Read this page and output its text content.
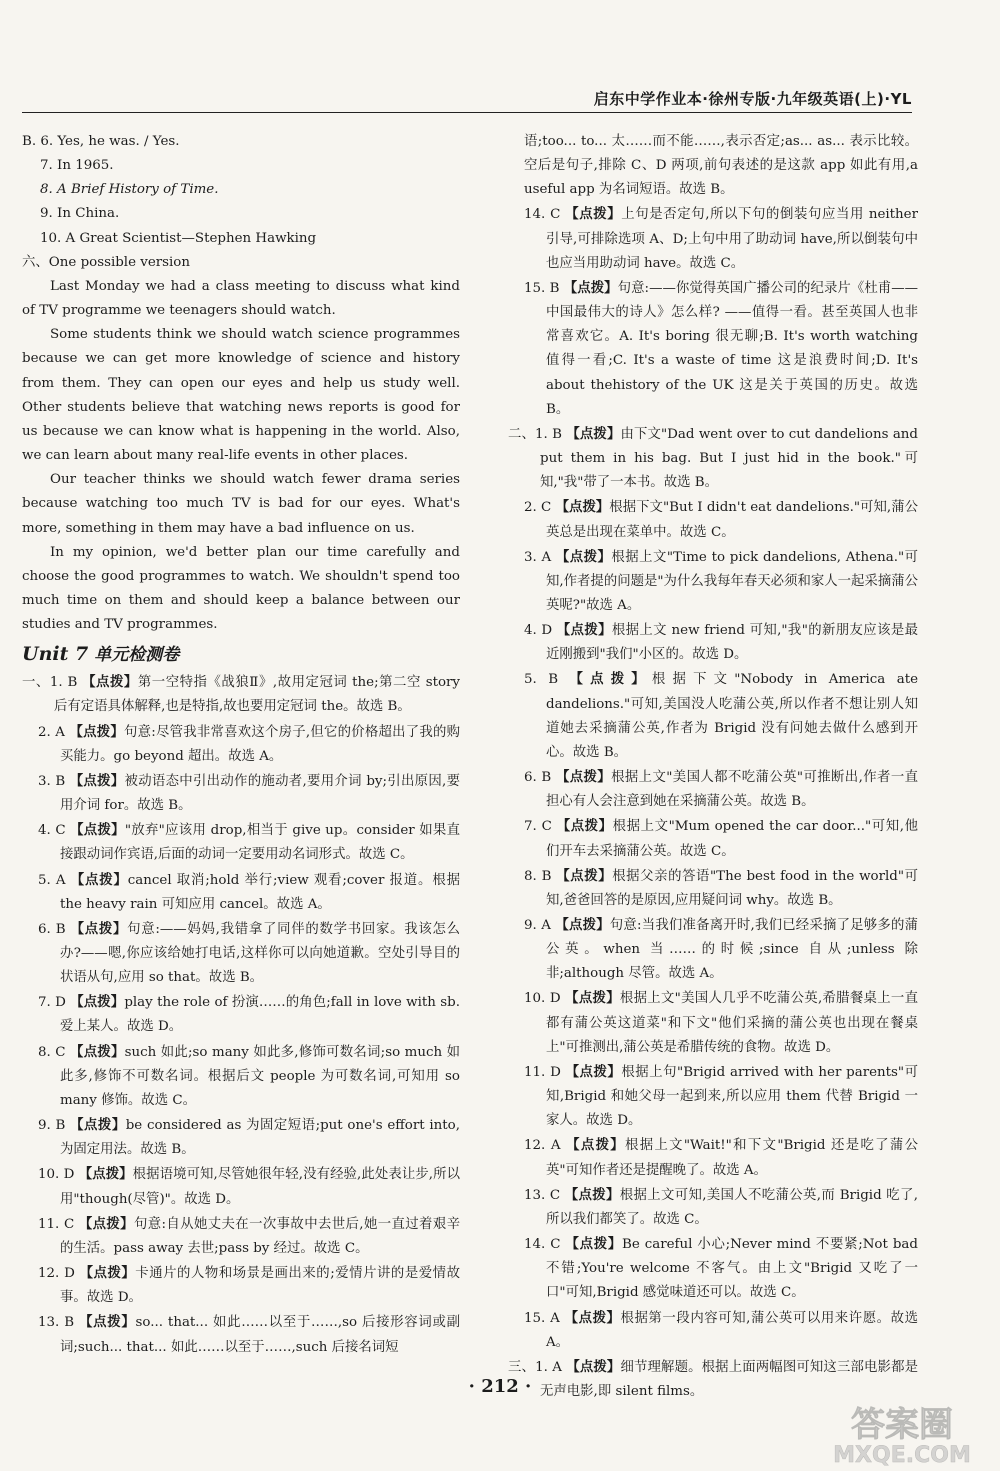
启东中学作业本·徐州专版·九年级英语(上)·YL

B. 6. Yes, he was. / Yes.

7. In 1965.

8. A Brief History of Time.

9. In China.

10. A Great Scientist—Stephen Hawking

六、One possible version

Last Monday we had a class meeting to discuss what kind of TV programme we teenagers should watch.

Some students think we should watch science programmes because we can get more knowledge of science and history from them. They can open our eyes and help us study well. Other students believe that watching news reports is good for us because we can know what is happening in the world. Also, we can learn about many real-life events in other places.

Our teacher thinks we should watch fewer drama series because watching too much TV is bad for our eyes. What's more, something in them may have a bad influence on us.

In my opinion, we'd better plan our time carefully and choose the good programmes to watch. We shouldn't spend too much time on them and should keep a balance between our studies and TV programmes.

Unit 7 单元检测卷

一、1. B 【点拨】第一空特指《战狼Ⅱ》,故用定冠词 the;第二空 story 后有定语具体解释,也是特指,故也要用定冠词 the。故选 B。

2. A 【点拨】句意:尽管我非常喜欢这个房子,但它的价格超出了我的购买能力。go beyond 超出。故选 A。

3. B 【点拨】被动语态中引出动作的施动者,要用介词 by;引出原因,要用介词 for。故选 B。

4. C 【点拨】"放弃"应该用 drop,相当于 give up。consider 如果直接跟动词作宾语,后面的动词一定要用动名词形式。故选 C。

5. A 【点拨】cancel 取消;hold 举行;view 观看;cover 报道。根据 the heavy rain 可知应用 cancel。故选 A。

6. B 【点拨】句意:——妈妈,我错拿了同伴的数学书回家。我该怎么办?——嗯,你应该给她打电话,这样你可以向她道歉。空处引导目的状语从句,应用 so that。故选 B。

7. D 【点拨】play the role of 扮演……的角色;fall in love with sb. 爱上某人。故选 D。

8. C 【点拨】such 如此;so many 如此多,修饰可数名词;so much 如此多,修饰不可数名词。根据后文 people 为可数名词,可知用 so many 修饰。故选 C。

9. B 【点拨】be considered as 为固定短语;put one's effort into,为固定用法。故选 B。

10. D 【点拨】根据语境可知,尽管她很年轻,没有经验,此处表让步,所以用"though(尽管)"。故选 D。

11. C 【点拨】句意:自从她丈夫在一次事故中去世后,她一直过着艰辛的生活。pass away 去世;pass by 经过。故选 C。

12. D 【点拨】卡通片的人物和场景是画出来的;爱情片讲的是爱情故事。故选 D。

13. B 【点拨】so... that... 如此……以至于……,so 后接形容词或副词;such... that... 如此……以至于……,such 后接名词短

语;too... to... 太……而不能……,表示否定;as... as... 表示比较。空后是句子,排除 C、D 两项,前句表述的是这款 app 如此有用,a useful app 为名词短语。故选 B。

14. C 【点拨】上句是否定句,所以下句的倒装句应当用 neither 引导,可排除选项 A、D;上句中用了助动词 have,所以倒装句中也应当用助动词 have。故选 C。

15. B 【点拨】句意:——你觉得英国广播公司的纪录片《杜甫——中国最伟大的诗人》怎么样? ——值得一看。甚至英国人也非常喜欢它。A. It's boring 很无聊;B. It's worth watching 值得一看;C. It's a waste of time 这是浪费时间;D. It's about thehistory of the UK 这是关于英国的历史。故选 B。

二、1. B 【点拨】由下文"Dad went over to cut dandelions and put them in his bag. But I just hid in the book."可知,"我"带了一本书。故选 B。

2. C 【点拨】根据下文"But I didn't eat dandelions."可知,蒲公英总是出现在菜单中。故选 C。

3. A 【点拨】根据上文"Time to pick dandelions, Athena."可知,作者提的问题是"为什么我每年春天必须和家人一起采摘蒲公英呢?"故选 A。

4. D 【点拨】根据上文 new friend 可知,"我"的新朋友应该是最近刚搬到"我们"小区的。故选 D。

5. B 【点拨】根据下文"Nobody in America ate dandelions."可知,美国没人吃蒲公英,所以作者不想让别人知道她去采摘蒲公英,作者为 Brigid 没有问她去做什么感到开心。故选 B。

6. B 【点拨】根据上文"美国人都不吃蒲公英"可推断出,作者一直担心有人会注意到她在采摘蒲公英。故选 B。

7. C 【点拨】根据上文"Mum opened the car door..."可知,他们开车去采摘蒲公英。故选 C。

8. B 【点拨】根据父亲的答语"The best food in the world"可知,爸爸回答的是原因,应用疑问词 why。故选 B。

9. A 【点拨】句意:当我们准备离开时,我们已经采摘了足够多的蒲公英。when 当……的时候;since 自从;unless 除非;although 尽管。故选 A。

10. D 【点拨】根据上文"美国人几乎不吃蒲公英,希腊餐桌上一直都有蒲公英这道菜"和下文"他们采摘的蒲公英也出现在餐桌上"可推测出,蒲公英是希腊传统的食物。故选 D。

11. D 【点拨】根据上句"Brigid arrived with her parents"可知,Brigid 和她父母一起到来,所以应用 them 代替 Brigid 一家人。故选 D。

12. A 【点拨】根据上文"Wait!"和下文"Brigid 还是吃了蒲公英"可知作者还是提醒晚了。故选 A。

13. C 【点拨】根据上文可知,美国人不吃蒲公英,而 Brigid 吃了,所以我们都笑了。故选 C。

14. C 【点拨】Be careful 小心;Never mind 不要紧;Not bad 不错;You're welcome 不客气。由上文"Brigid 又吃了一口"可知,Brigid 感觉味道还可以。故选 C。

15. A 【点拨】根据第一段内容可知,蒲公英可以用来许愿。故选 A。

三、1. A 【点拨】细节理解题。根据上面两幅图可知这三部电影都是无声电影,即 silent films。

· 212 ·
答案圈
MXQE.COM
